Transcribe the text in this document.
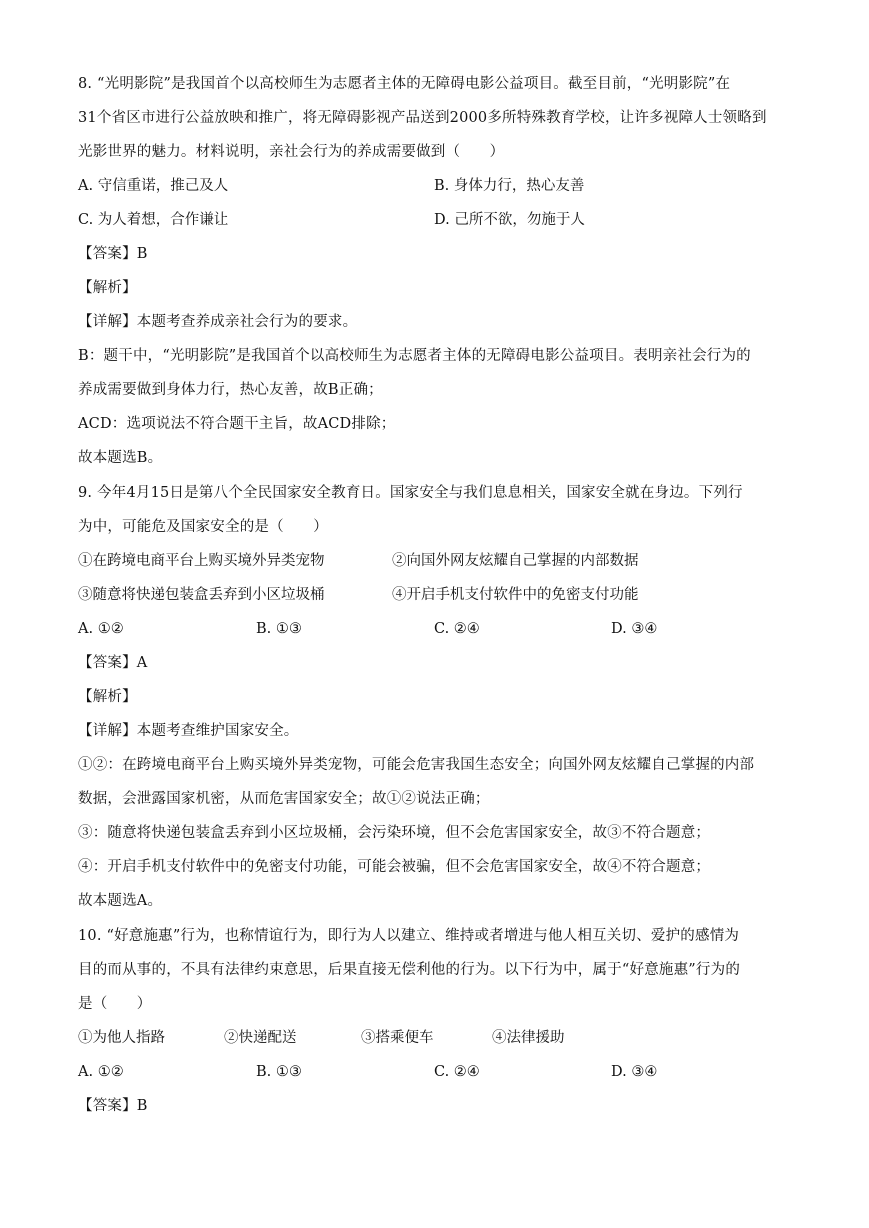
8. “光明影院”是我国首个以高校师生为志愿者主体的无障碍电影公益项目。截至目前，“光明影院”在
31个省区市进行公益放映和推广，将无障碍影视产品送到2000多所特殊教育学校，让许多视障人士领略到
光影世界的魅力。材料说明，亲社会行为的养成需要做到（　　）
A. 守信重诺，推己及人	B. 身体力行，热心友善
C. 为人着想，合作谦让	D. 己所不欲，勿施于人
【答案】B
【解析】
【详解】本题考查养成亲社会行为的要求。
B：题干中，“光明影院”是我国首个以高校师生为志愿者主体的无障碍电影公益项目。表明亲社会行为的
养成需要做到身体力行，热心友善，故B正确；
ACD：选项说法不符合题干主旨，故ACD排除；
故本题选B。
9. 今年4月15日是第八个全民国家安全教育日。国家安全与我们息息相关，国家安全就在身边。下列行
为中，可能危及国家安全的是（　　）
①在跨境电商平台上购买境外异类宠物	②向国外网友炫耀自己掌握的内部数据
③随意将快递包装盒丢弃到小区垃圾桶	④开启手机支付软件中的免密支付功能
A. ①②	B. ①③	C. ②④	D. ③④
【答案】A
【解析】
【详解】本题考查维护国家安全。
①②：在跨境电商平台上购买境外异类宠物，可能会危害我国生态安全；向国外网友炫耀自己掌握的内部
数据，会泄露国家机密，从而危害国家安全；故①②说法正确；
③：随意将快递包装盒丢弃到小区垃圾桶，会污染环境，但不会危害国家安全，故③不符合题意；
④：开启手机支付软件中的免密支付功能，可能会被骗，但不会危害国家安全，故④不符合题意；
故本题选A。
10. “好意施惠”行为，也称情谊行为，即行为人以建立、维持或者增进与他人相互关切、爱护的感情为
目的而从事的，不具有法律约束意思，后果直接无偿利他的行为。以下行为中，属于“好意施惠”行为的
是（　　）
①为他人指路	②快递配送	③搭乘便车	④法律援助
A. ①②	B. ①③	C. ②④	D. ③④
【答案】B
